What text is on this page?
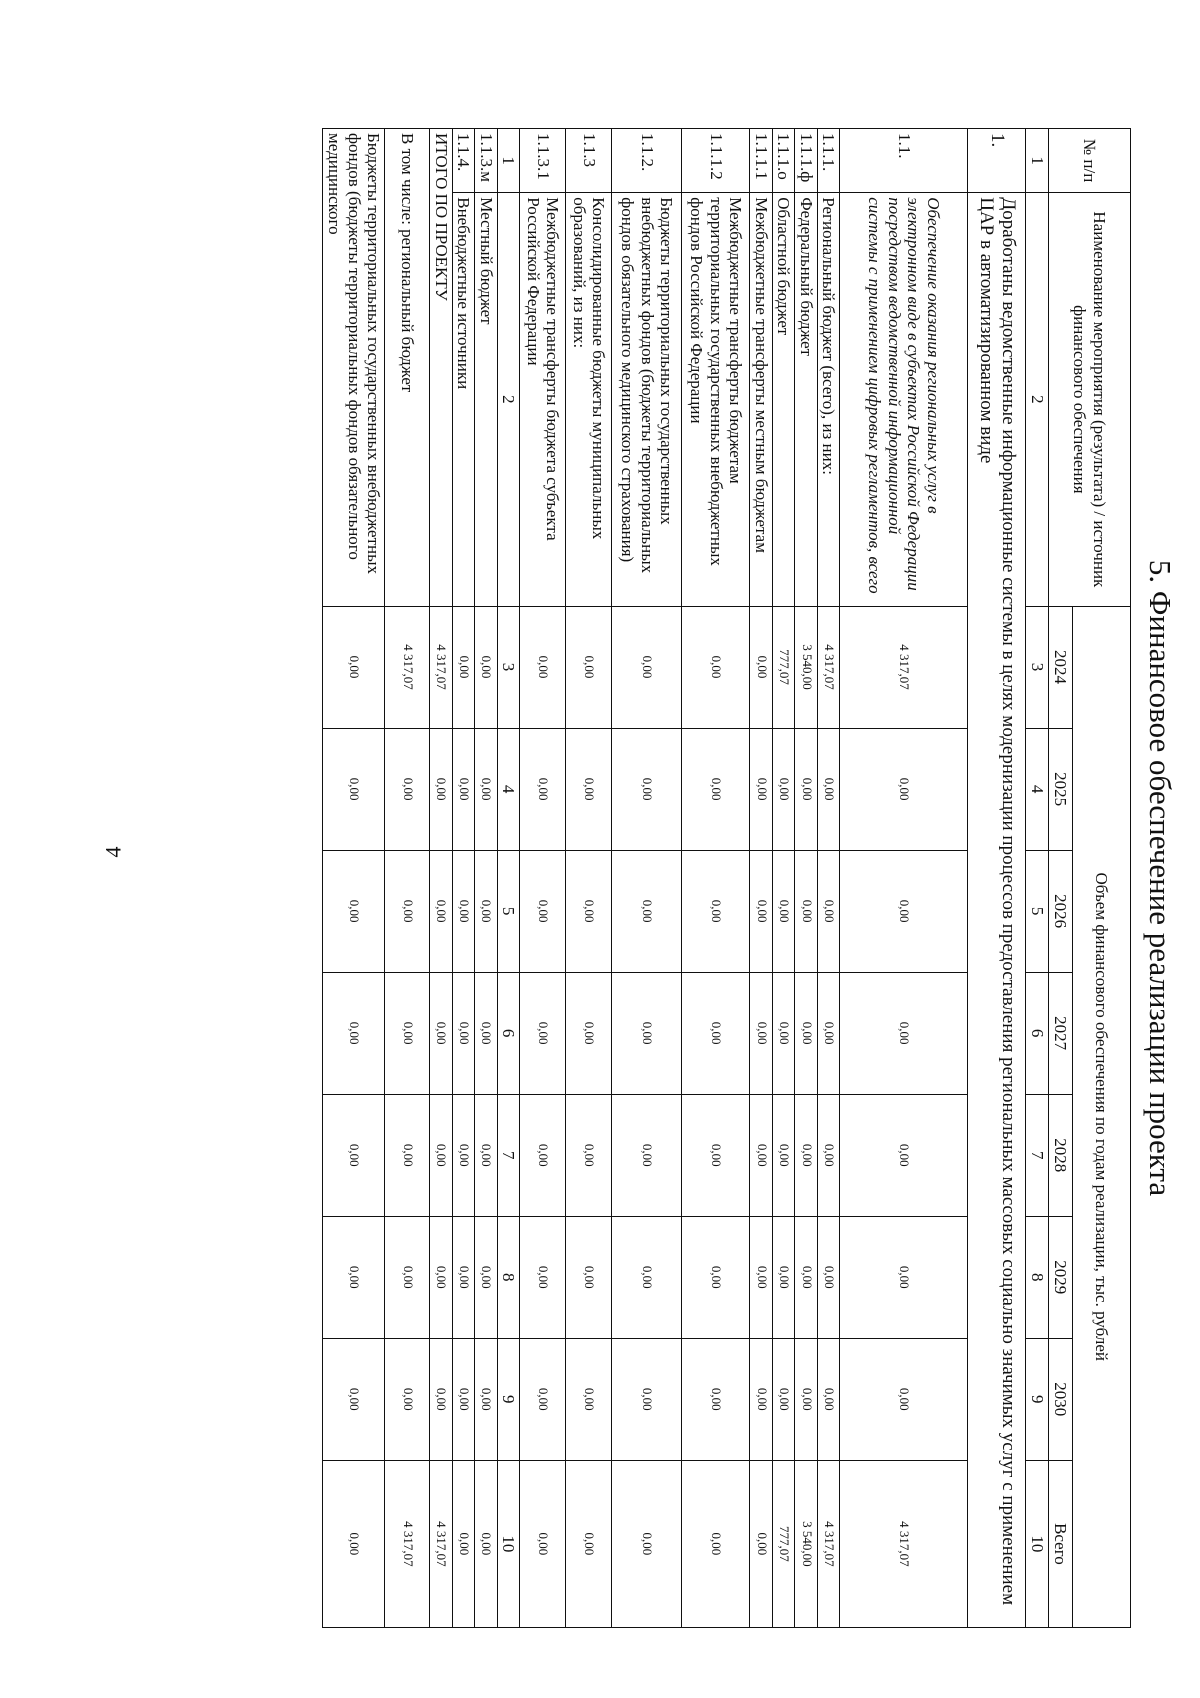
4	5. Финансовое обеспечение реализации проекта
№ п/п	Наименование мероприятия (результата) / источник финансового обеспечения	Объем финансового обеспечения по годам реализации, тыс. рублей							
		2024	2025	2026	2027	2028	2029	2030	Всего
1	2	3	4	5	6	7	8	9	10
1.	Доработаны ведомственные информационные системы в целях модернизации процессов предоставления региональных массовых социально значимых услуг с применением ЦАР в автоматизированном виде								
1.1.	Обеспечение оказания региональных услуг в электронном виде в субъектах Российской Федерации посредством ведомственной информационной системы с применением цифровых регламентов, всего	4 317,07	0,00	0,00	0,00	0,00	0,00	0,00	4 317,07
1.1.1.	Региональный бюджет (всего), из них:	4 317,07	0,00	0,00	0,00	0,00	0,00	0,00	4 317,07
1.1.1.ф	Федеральный бюджет	3 540,00	0,00	0,00	0,00	0,00	0,00	0,00	3 540,00
1.1.1.о	Областной бюджет	777,07	0,00	0,00	0,00	0,00	0,00	0,00	777,07
1.1.1.1	Межбюджетные трансферты местным бюджетам	0,00	0,00	0,00	0,00	0,00	0,00	0,00	0,00
1.1.1.2	Межбюджетные трансферты бюджетам территориальных государственных внебюджетных фондов Российской Федерации	0,00	0,00	0,00	0,00	0,00	0,00	0,00	0,00
1.1.2.	Бюджеты территориальных государственных внебюджетных фондов (бюджеты территориальных фондов обязательного медицинского страхования)	0,00	0,00	0,00	0,00	0,00	0,00	0,00	0,00
1.1.3	Консолидированные бюджеты муниципальных образований, из них:	0,00	0,00	0,00	0,00	0,00	0,00	0,00	0,00
1.1.3.1	Межбюджетные трансферты бюджета субъекта Российской Федерации	0,00	0,00	0,00	0,00	0,00	0,00	0,00	0,00
1	2	3	4	5	6	7	8	9	10
1.1.3.м	Местный бюджет	0,00	0,00	0,00	0,00	0,00	0,00	0,00	0,00
1.1.4.	Внебюджетные источники	0,00	0,00	0,00	0,00	0,00	0,00	0,00	0,00
ИТОГО ПО ПРОЕКТУ		4 317,07	0,00	0,00	0,00	0,00	0,00	0,00	4 317,07
В том числе: региональный бюджет		4 317,07	0,00	0,00	0,00	0,00	0,00	0,00	4 317,07
Бюджеты территориальных государственных внебюджетных фондов (бюджеты территориальных фондов обязательного медицинского		0,00	0,00	0,00	0,00	0,00	0,00	0,00	0,00
